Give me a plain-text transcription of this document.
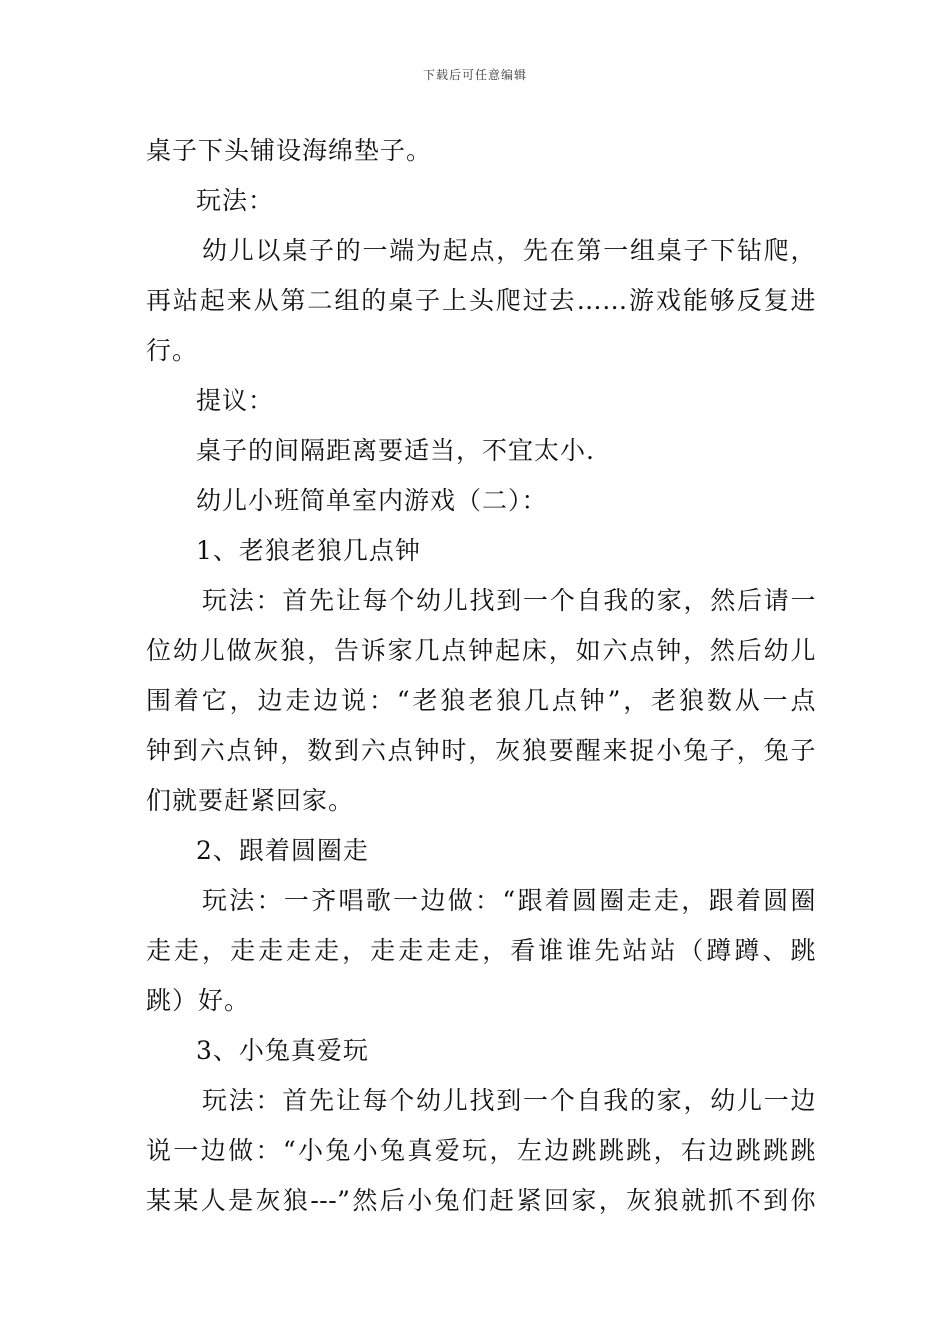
下载后可任意编辑
桌子下头铺设海绵垫子。
玩法：
幼儿以桌子的一端为起点，先在第一组桌子下钻爬，
再站起来从第二组的桌子上头爬过去……游戏能够反复进
行。
提议：
桌子的间隔距离要适当，不宜太小.
幼儿小班简单室内游戏（二）：
1、老狼老狼几点钟
玩法：首先让每个幼儿找到一个自我的家，然后请一
位幼儿做灰狼，告诉家几点钟起床，如六点钟，然后幼儿
围着它，边走边说：“老狼老狼几点钟”，老狼数从一点
钟到六点钟，数到六点钟时，灰狼要醒来捉小兔子，兔子
们就要赶紧回家。
2、跟着圆圈走
玩法：一齐唱歌一边做：“跟着圆圈走走，跟着圆圈
走走，走走走走，走走走走，看谁谁先站站（蹲蹲、跳
跳）好。
3、小兔真爱玩
玩法：首先让每个幼儿找到一个自我的家，幼儿一边
说一边做：“小兔小兔真爱玩，左边跳跳跳，右边跳跳跳
某某人是灰狼---”然后小兔们赶紧回家，灰狼就抓不到你
